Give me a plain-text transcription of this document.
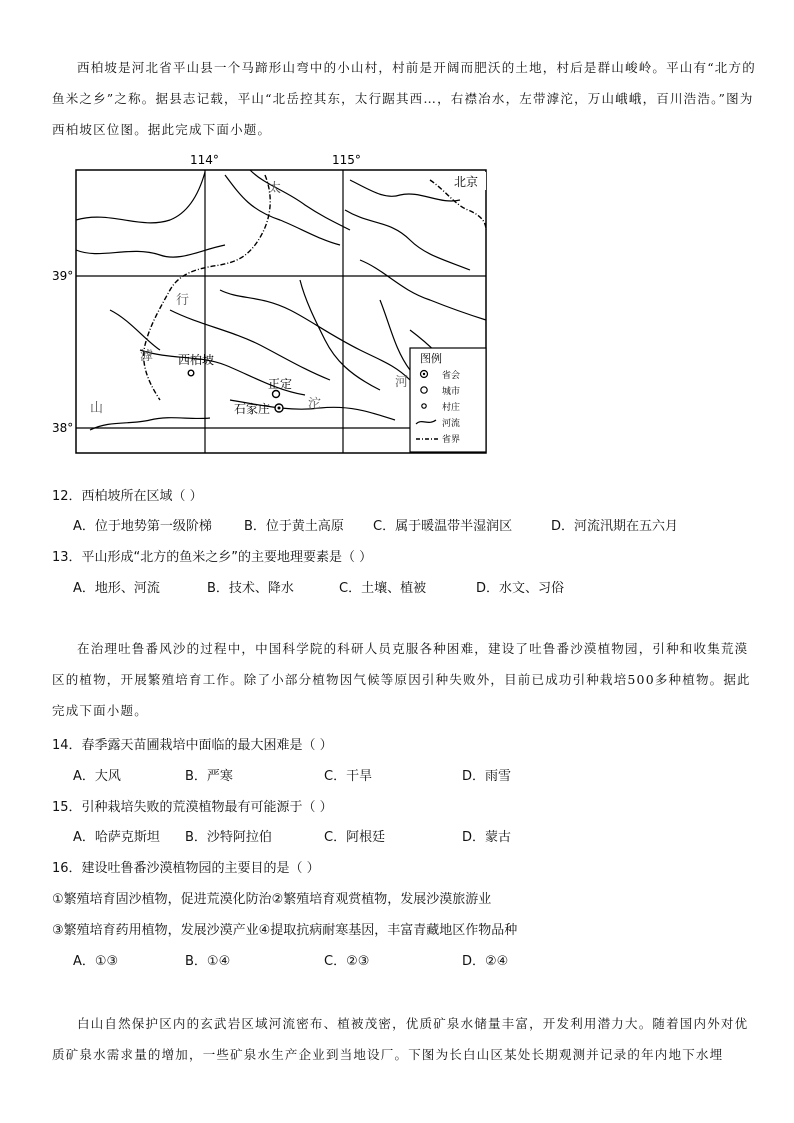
西柏坡是河北省平山县一个马蹄形山弯中的小山村，村前是开阔而肥沃的土地，村后是群山峻岭。平山有“北方的鱼米之乡”之称。据县志记载，平山“北岳控其东，太行踞其西…，右襟冶水，左带滹沱，万山峨峨，百川浩浩。”图为西柏坡区位图。据此完成下面小题。

114°	115°
39°
38°
北京
太
行
滹
山	沱
河
西柏坡
正定
石家庄
图例
省会
城市
村庄
河流
省界

12．西柏坡所在区域（ ）

A．位于地势第一级阶梯 B．位于黄土高原 C．属于暖温带半湿润区	D．河流汛期在五六月

13．平山形成“北方的鱼米之乡”的主要地理要素是（ ）

A．地形、河流	B．技术、降水	C．土壤、植被	D．水文、习俗

在治理吐鲁番风沙的过程中，中国科学院的科研人员克服各种困难，建设了吐鲁番沙漠植物园，引种和收集荒漠区的植物，开展繁殖培育工作。除了小部分植物因气候等原因引种失败外，目前已成功引种栽培500多种植物。据此完成下面小题。

14．春季露天苗圃栽培中面临的最大困难是（ ）

A．大风	B．严寒	C．干旱	D．雨雪

15．引种栽培失败的荒漠植物最有可能源于（ ）

A．哈萨克斯坦 B．沙特阿拉伯	C．阿根廷	D．蒙古

16．建设吐鲁番沙漠植物园的主要目的是（ ）

①繁殖培育固沙植物，促进荒漠化防治②繁殖培育观赏植物，发展沙漠旅游业

③繁殖培育药用植物，发展沙漠产业④提取抗病耐寒基因，丰富青藏地区作物品种

A．①③	B．①④	C．②③	D．②④

白山自然保护区内的玄武岩区域河流密布、植被茂密，优质矿泉水储量丰富，开发利用潜力大。随着国内外对优质矿泉水需求量的增加，一些矿泉水生产企业到当地设厂。下图为长白山区某处长期观测并记录的年内地下水埋
